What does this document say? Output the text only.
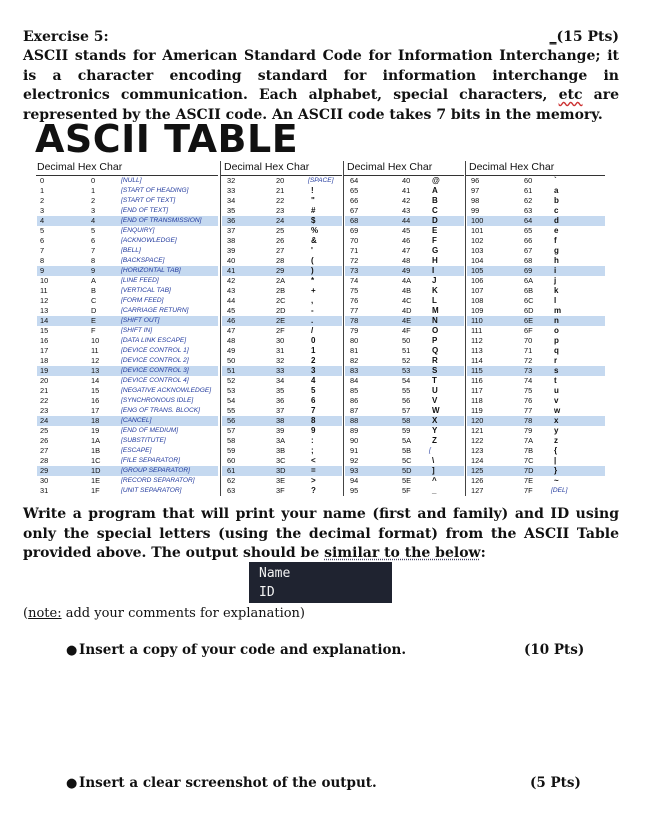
Exercise 5:	_(15 Pts)

ASCII stands for American Standard Code for Information Interchange; it is a character encoding standard for information interchange in electronics communication. Each alphabet, special characters, etc are represented by the ASCII code. An ASCII code takes 7 bits in the memory.

ASCII TABLE
Decimal Hex Char
0	0	[NULL]
1	1	[START OF HEADING]
2	2	[START OF TEXT]
3	3	[END OF TEXT]
4	4	[END OF TRANSMISSION]
5	5	[ENQUIRY]
6	6	[ACKNOWLEDGE]
7	7	[BELL]
8	8	[BACKSPACE]
9	9	[HORIZONTAL TAB]
10	A	[LINE FEED]
11	B	[VERTICAL TAB]
12	C	[FORM FEED]
13	D	[CARRIAGE RETURN]
14	E	[SHIFT OUT]
15	F	[SHIFT IN]
16	10	[DATA LINK ESCAPE]
17	11	[DEVICE CONTROL 1]
18	12	[DEVICE CONTROL 2]
19	13	[DEVICE CONTROL 3]
20	14	[DEVICE CONTROL 4]
21	15	[NEGATIVE ACKNOWLEDGE]
22	16	[SYNCHRONOUS IDLE]
23	17	[ENG OF TRANS. BLOCK]
24	18	[CANCEL]
25	19	[END OF MEDIUM]
26	1A	[SUBSTITUTE]
27	1B	[ESCAPE]
28	1C	[FILE SEPARATOR]
29	1D	[GROUP SEPARATOR]
30	1E	[RECORD SEPARATOR]
31	1F	[UNIT SEPARATOR]
Decimal Hex Char
32	20	[SPACE]
33	21	!
34	22	"
35	23	#
36	24	$
37	25	%
38	26	&
39	27	'
40	28	(
41	29	)
42	2A	*
43	2B	+
44	2C	,
45	2D	-
46	2E	.
47	2F	/
48	30	0
49	31	1
50	32	2
51	33	3
52	34	4
53	35	5
54	36	6
55	37	7
56	38	8
57	39	9
58	3A	:
59	3B	;
60	3C	<
61	3D	=
62	3E	>
63	3F	?
Decimal Hex Char
64	40	@
65	41	A
66	42	B
67	43	C
68	44	D
69	45	E
70	46	F
71	47	G
72	48	H
73	49	I
74	4A	J
75	4B	K
76	4C	L
77	4D	M
78	4E	N
79	4F	O
80	50	P
81	51	Q
82	52	R
83	53	S
84	54	T
85	55	U
86	56	V
87	57	W
88	58	X
89	59	Y
90	5A	Z
91	5B	[
92	5C	\
93	5D	]
94	5E	^
95	5F	_
Decimal Hex Char
96	60	`
97	61	a
98	62	b
99	63	c
100	64	d
101	65	e
102	66	f
103	67	g
104	68	h
105	69	i
106	6A	j
107	6B	k
108	6C	l
109	6D	m
110	6E	n
111	6F	o
112	70	p
113	71	q
114	72	r
115	73	s
116	74	t
117	75	u
118	76	v
119	77	w
120	78	x
121	79	y
122	7A	z
123	7B	{
124	7C	|
125	7D	}
126	7E	~
127	7F	[DEL]

Write a program that will print your name (first and family) and ID using only the special letters (using the decimal format) from the ASCII Table provided above. The output should be similar to the below:

Name
ID
(note: add your comments for explanation)
● Insert a copy of your code and explanation.	(10 Pts)
● Insert a clear screenshot of the output.	(5 Pts)
